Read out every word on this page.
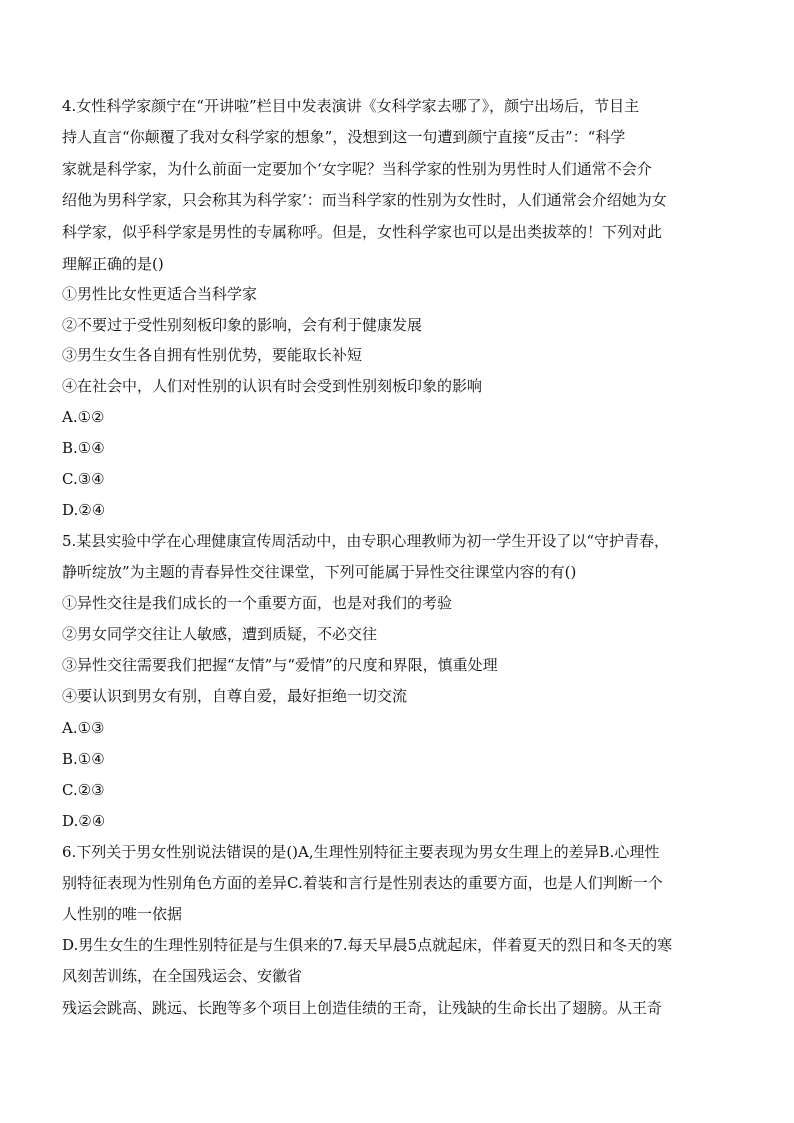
4.女性科学家颜宁在“开讲啦”栏目中发表演讲《女科学家去哪了》，颜宁出场后，节目主
持人直言“你颠覆了我对女科学家的想象”，没想到这一句遭到颜宁直接“反击”：“科学
家就是科学家，为什么前面一定要加个‘女字呢？当科学家的性别为男性时人们通常不会介
绍他为男科学家，只会称其为科学家’：而当科学家的性别为女性时，人们通常会介绍她为女
科学家，似乎科学家是男性的专属称呼。但是，女性科学家也可以是出类拔萃的！下列对此
理解正确的是()
①男性比女性更适合当科学家
②不要过于受性别刻板印象的影响，会有利于健康发展
③男生女生各自拥有性别优势，要能取长补短
④在社会中，人们对性别的认识有时会受到性别刻板印象的影响
A.①②
B.①④
C.③④
D.②④
5.某县实验中学在心理健康宣传周活动中，由专职心理教师为初一学生开设了以“守护青春，
静听绽放”为主题的青春异性交往课堂，下列可能属于异性交往课堂内容的有()
①异性交往是我们成长的一个重要方面，也是对我们的考验
②男女同学交往让人敏感，遭到质疑，不必交往
③异性交往需要我们把握“友情”与“爱情”的尺度和界限，慎重处理
④要认识到男女有别，自尊自爱，最好拒绝一切交流
A.①③
B.①④
C.②③
D.②④
6.下列关于男女性别说法错误的是()A,生理性别特征主要表现为男女生理上的差异B.心理性
别特征表现为性别角色方面的差异C.着装和言行是性别表达的重要方面，也是人们判断一个
人性别的唯一依据
D.男生女生的生理性别特征是与生俱来的7.每天早晨5点就起床，伴着夏天的烈日和冬天的寒
风刻苦训练，在全国残运会、安徽省
残运会跳高、跳远、长跑等多个项目上创造佳绩的王奇，让残缺的生命长出了翅膀。从王奇
